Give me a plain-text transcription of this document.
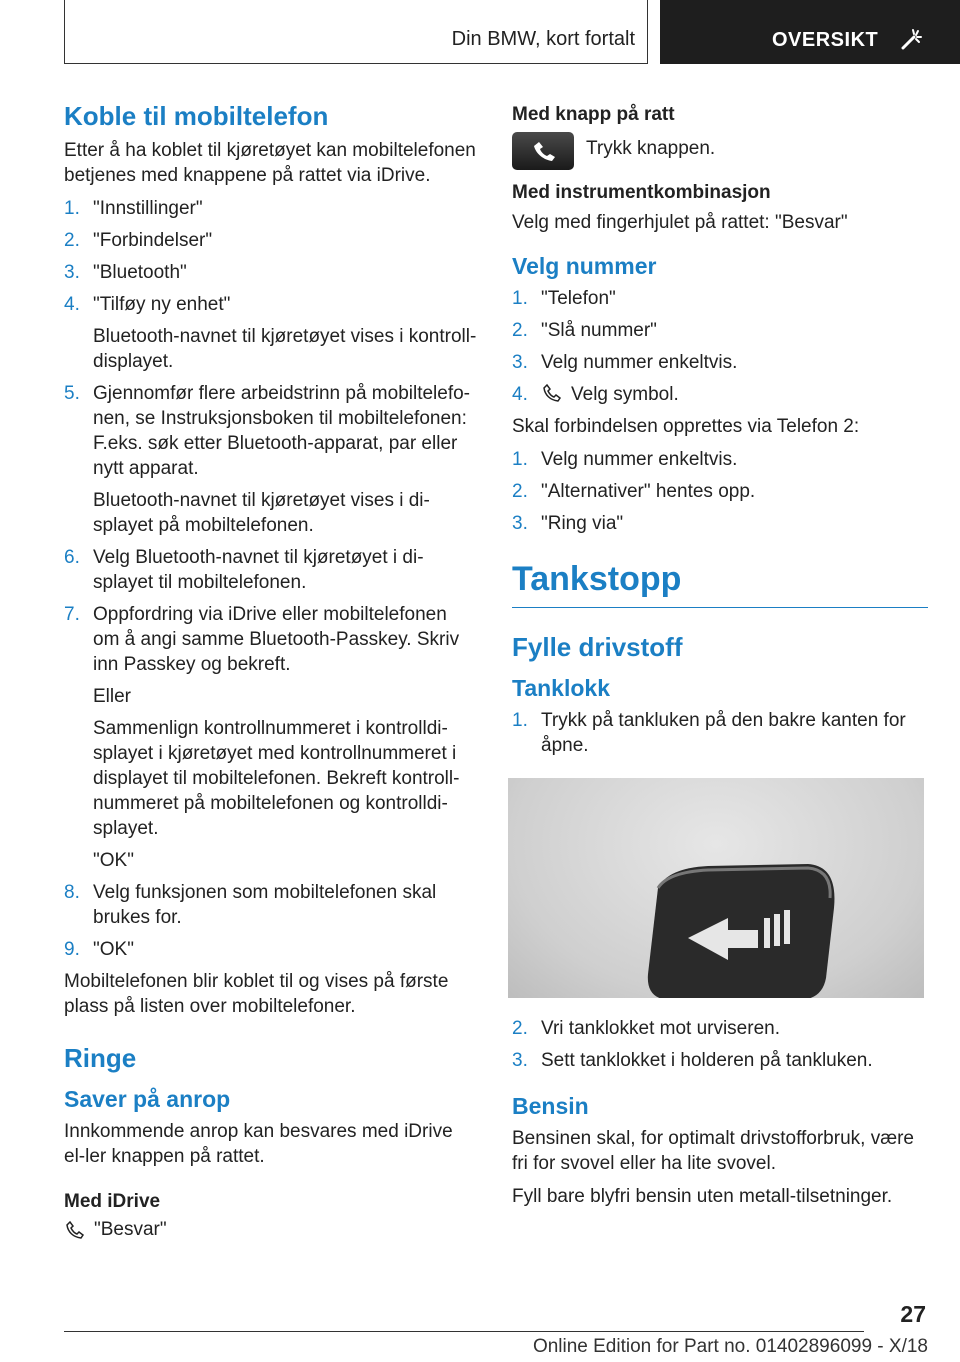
Din BMW, kort fortalt	OVERSIKT
Koble til mobiltelefon

Etter å ha koblet til kjøretøyet kan mobiltelefonen betjenes med knappene på rattet via iDrive.

1. "Innstillinger"
2. "Forbindelser"
3. "Bluetooth"
4. "Tilføy ny enhet"
Bluetooth-navnet til kjøretøyet vises i kontroll-displayet.
5. Gjennomfør flere arbeidstrinn på mobiltelefo-nen, se Instruksjonsboken til mobiltelefonen: F.eks. søk etter Bluetooth-apparat, par eller nytt apparat.
Bluetooth-navnet til kjøretøyet vises i di-splayet på mobiltelefonen.
6. Velg Bluetooth-navnet til kjøretøyet i di-splayet til mobiltelefonen.
7. Oppfordring via iDrive eller mobiltelefonen om å angi samme Bluetooth-Passkey. Skriv inn Passkey og bekreft.
Eller
Sammenlign kontrollnummeret i kontrolldi-splayet i kjøretøyet med kontrollnummeret i displayet til mobiltelefonen. Bekreft kontroll-nummeret på mobiltelefonen og kontrolldi-splayet.
"OK"
8. Velg funksjonen som mobiltelefonen skal brukes for.
9. "OK"

Mobiltelefonen blir koblet til og vises på første plass på listen over mobiltelefoner.

Ringe
Saver på anrop

Innkommende anrop kan besvares med iDrive el-ler knappen på rattet.

Med iDrive
"Besvar"
Med knapp på ratt
Trykk knappen.
Med instrumentkombinasjon

Velg med fingerhjulet på rattet: "Besvar"

Velg nummer
1. "Telefon"
2. "Slå nummer"
3. Velg nummer enkeltvis.
4. Velg symbol.

Skal forbindelsen opprettes via Telefon 2:

1. Velg nummer enkeltvis.
2. "Alternativer" hentes opp.
3. "Ring via"
Tankstopp
Fylle drivstoff
Tanklokk
1. Trykk på tankluken på den bakre kanten for åpne.
2. Vri tanklokket mot urviseren.
3. Sett tanklokket i holderen på tankluken.
Bensin

Bensinen skal, for optimalt drivstofforbruk, være fri for svovel eller ha lite svovel.

Fyll bare blyfri bensin uten metall-tilsetninger.

27
Online Edition for Part no. 01402896099 - X/18
